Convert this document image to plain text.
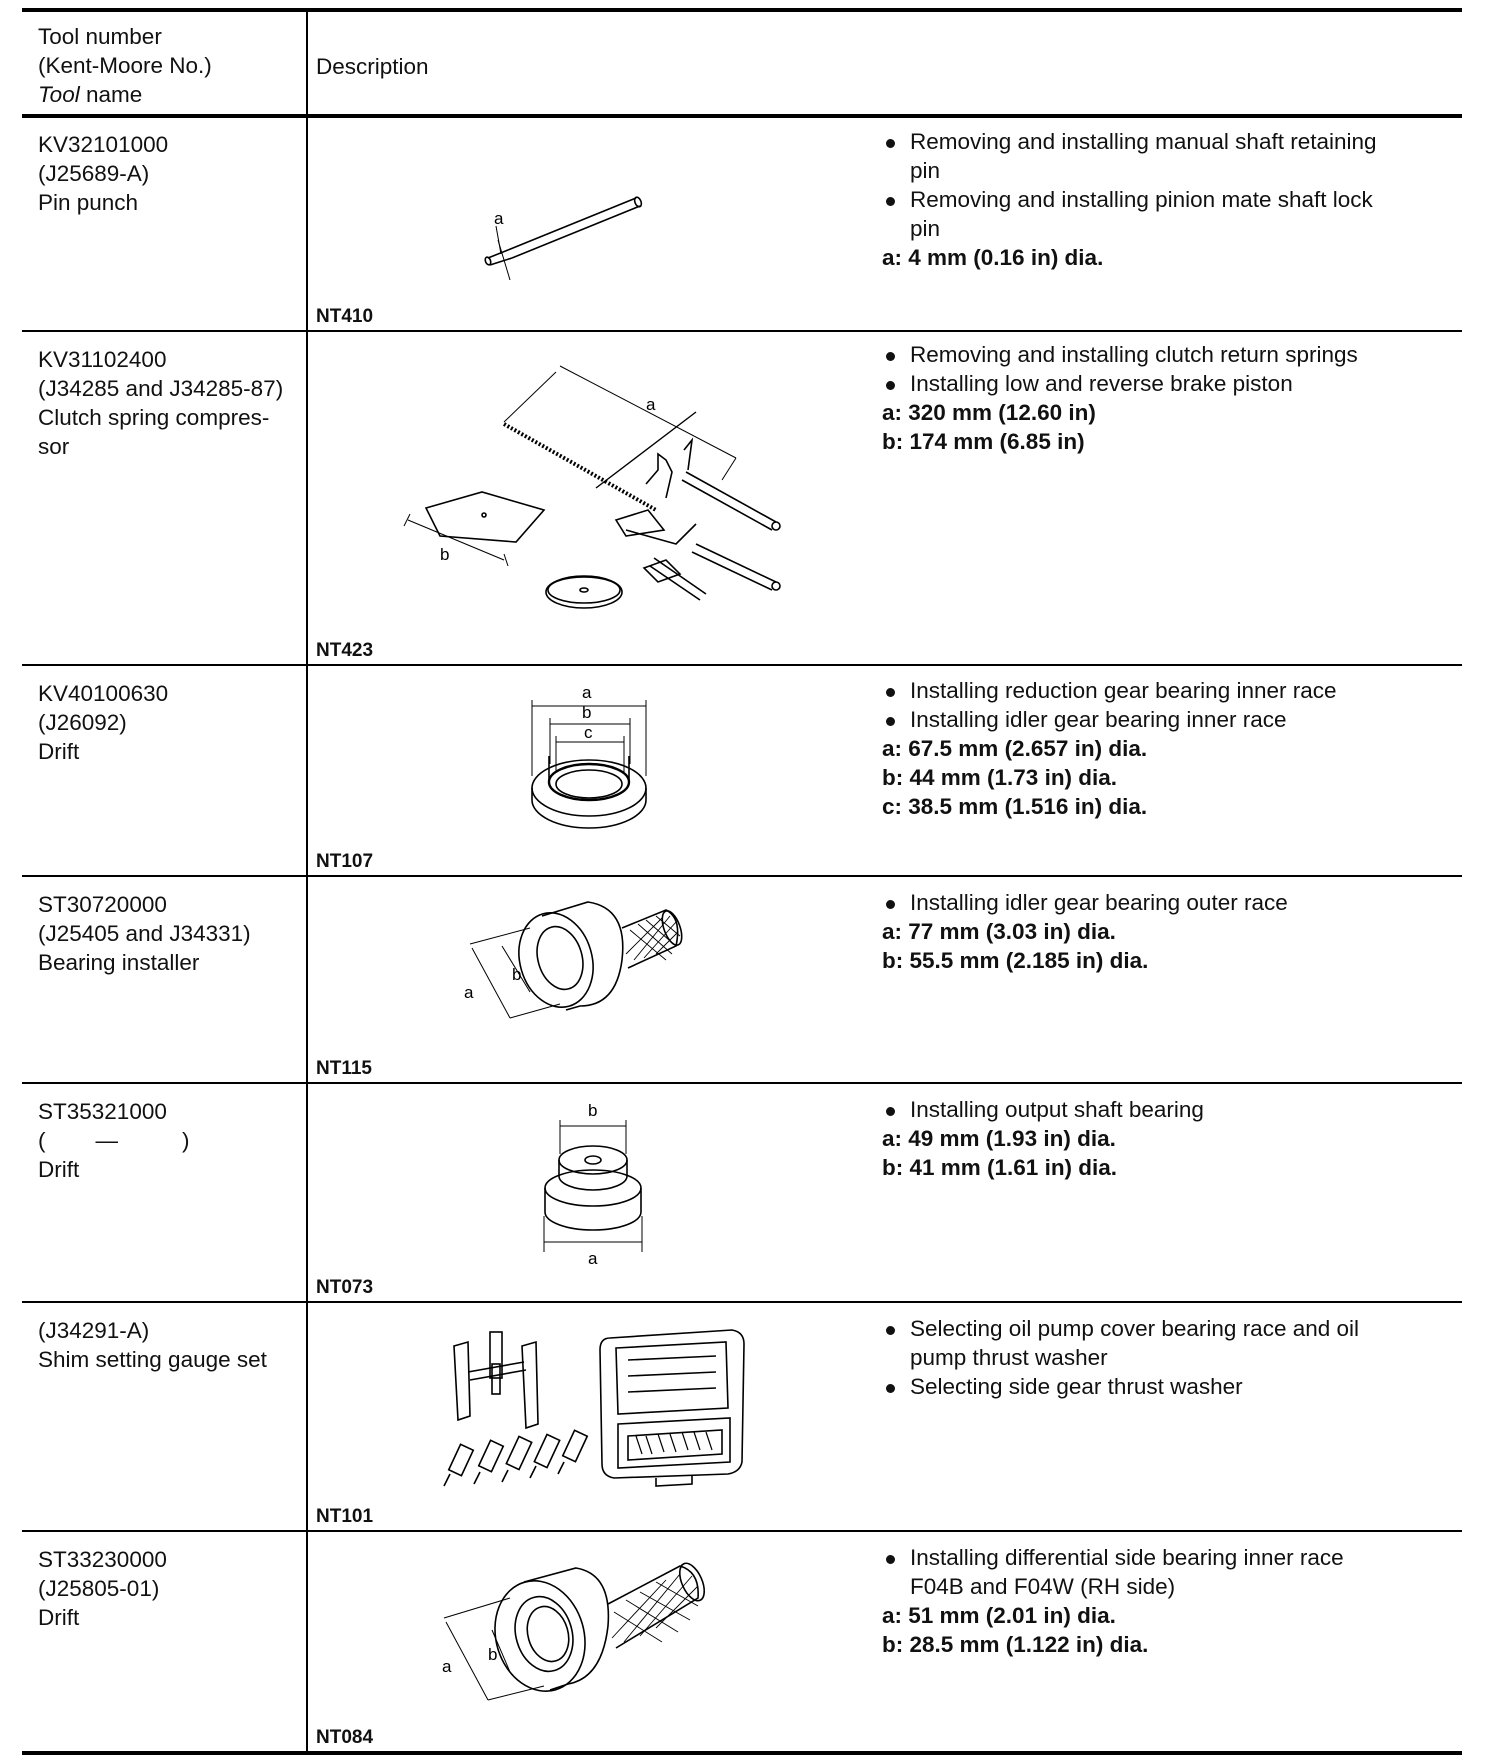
Tool number
(Kent-Moore No.)
Tool name
Description
KV32101000
(J25689-A)
Pin punch
a
NT410
Removing and installing manual shaft retaining
pin
Removing and installing pinion mate shaft lock
pin
a: 4 mm (0.16 in) dia.
KV31102400
(J34285 and J34285-87)
Clutch spring compres-
sor
a
b
NT423
Removing and installing clutch return springs
Installing low and reverse brake piston
a: 320 mm (12.60 in)
b: 174 mm (6.85 in)
KV40100630
(J26092)
Drift
a
b
c
NT107
Installing reduction gear bearing inner race
Installing idler gear bearing inner race
a: 67.5 mm (2.657 in) dia.
b: 44 mm (1.73 in) dia.
c: 38.5 mm (1.516 in) dia.
ST30720000
(J25405 and J34331)
Bearing installer
a
b
NT115
Installing idler gear bearing outer race
a: 77 mm (3.03 in) dia.
b: 55.5 mm (2.185 in) dia.
ST35321000
( —	)
Drift
b
a
NT073
Installing output shaft bearing
a: 49 mm (1.93 in) dia.
b: 41 mm (1.61 in) dia.
(J34291-A)
Shim setting gauge set
NT101
Selecting oil pump cover bearing race and oil
pump thrust washer
Selecting side gear thrust washer
ST33230000
(J25805-01)
Drift
a
b
NT084
Installing differential side bearing inner race
F04B and F04W (RH side)
a: 51 mm (2.01 in) dia.
b: 28.5 mm (1.122 in) dia.
